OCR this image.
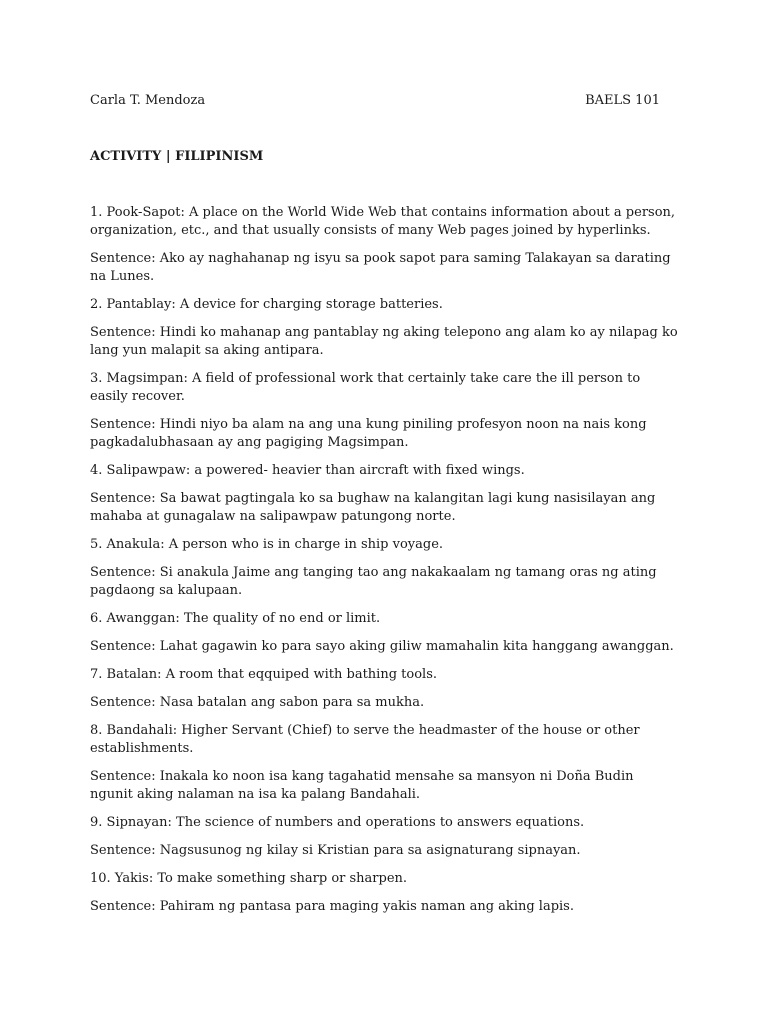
Carla T. Mendoza	BAELS 101
ACTIVITY | FILIPINISM

1. Pook-Sapot: A place on the World Wide Web that contains information about a person, organization, etc., and that usually consists of many Web pages joined by hyperlinks.

Sentence: Ako ay naghahanap ng isyu sa pook sapot para saming Talakayan sa darating na Lunes.

2. Pantablay: A device for charging storage batteries.

Sentence: Hindi ko mahanap ang pantablay ng aking telepono ang alam ko ay nilapag ko lang yun malapit sa aking antipara.

3. Magsimpan: A field of professional work that certainly take care the ill person to easily recover.

Sentence: Hindi niyo ba alam na ang una kung piniling profesyon noon na nais kong pagkadalubhasaan ay ang pagiging Magsimpan.

4. Salipawpaw: a powered- heavier than aircraft with fixed wings.

Sentence: Sa bawat pagtingala ko sa bughaw na kalangitan lagi kung nasisilayan ang mahaba at gunagalaw na salipawpaw patungong norte.

5. Anakula: A person who is in charge in ship voyage.

Sentence: Si anakula Jaime ang tanging tao ang nakakaalam ng tamang oras ng ating pagdaong sa kalupaan.

6. Awanggan: The quality of no end or limit.

Sentence: Lahat gagawin ko para sayo aking giliw mamahalin kita hanggang awanggan.

7. Batalan: A room that eqquiped with bathing tools.

Sentence: Nasa batalan ang sabon para sa mukha.

8. Bandahali: Higher Servant (Chief) to serve the headmaster of the house or other establishments.

Sentence: Inakala ko noon isa kang tagahatid mensahe sa mansyon ni Doña Budin ngunit aking nalaman na isa ka palang Bandahali.

9. Sipnayan: The science of numbers and operations to answers equations.

Sentence: Nagsusunog ng kilay si Kristian para sa asignaturang sipnayan.

10. Yakis: To make something sharp or sharpen.

Sentence: Pahiram ng pantasa para maging yakis naman ang aking lapis.
